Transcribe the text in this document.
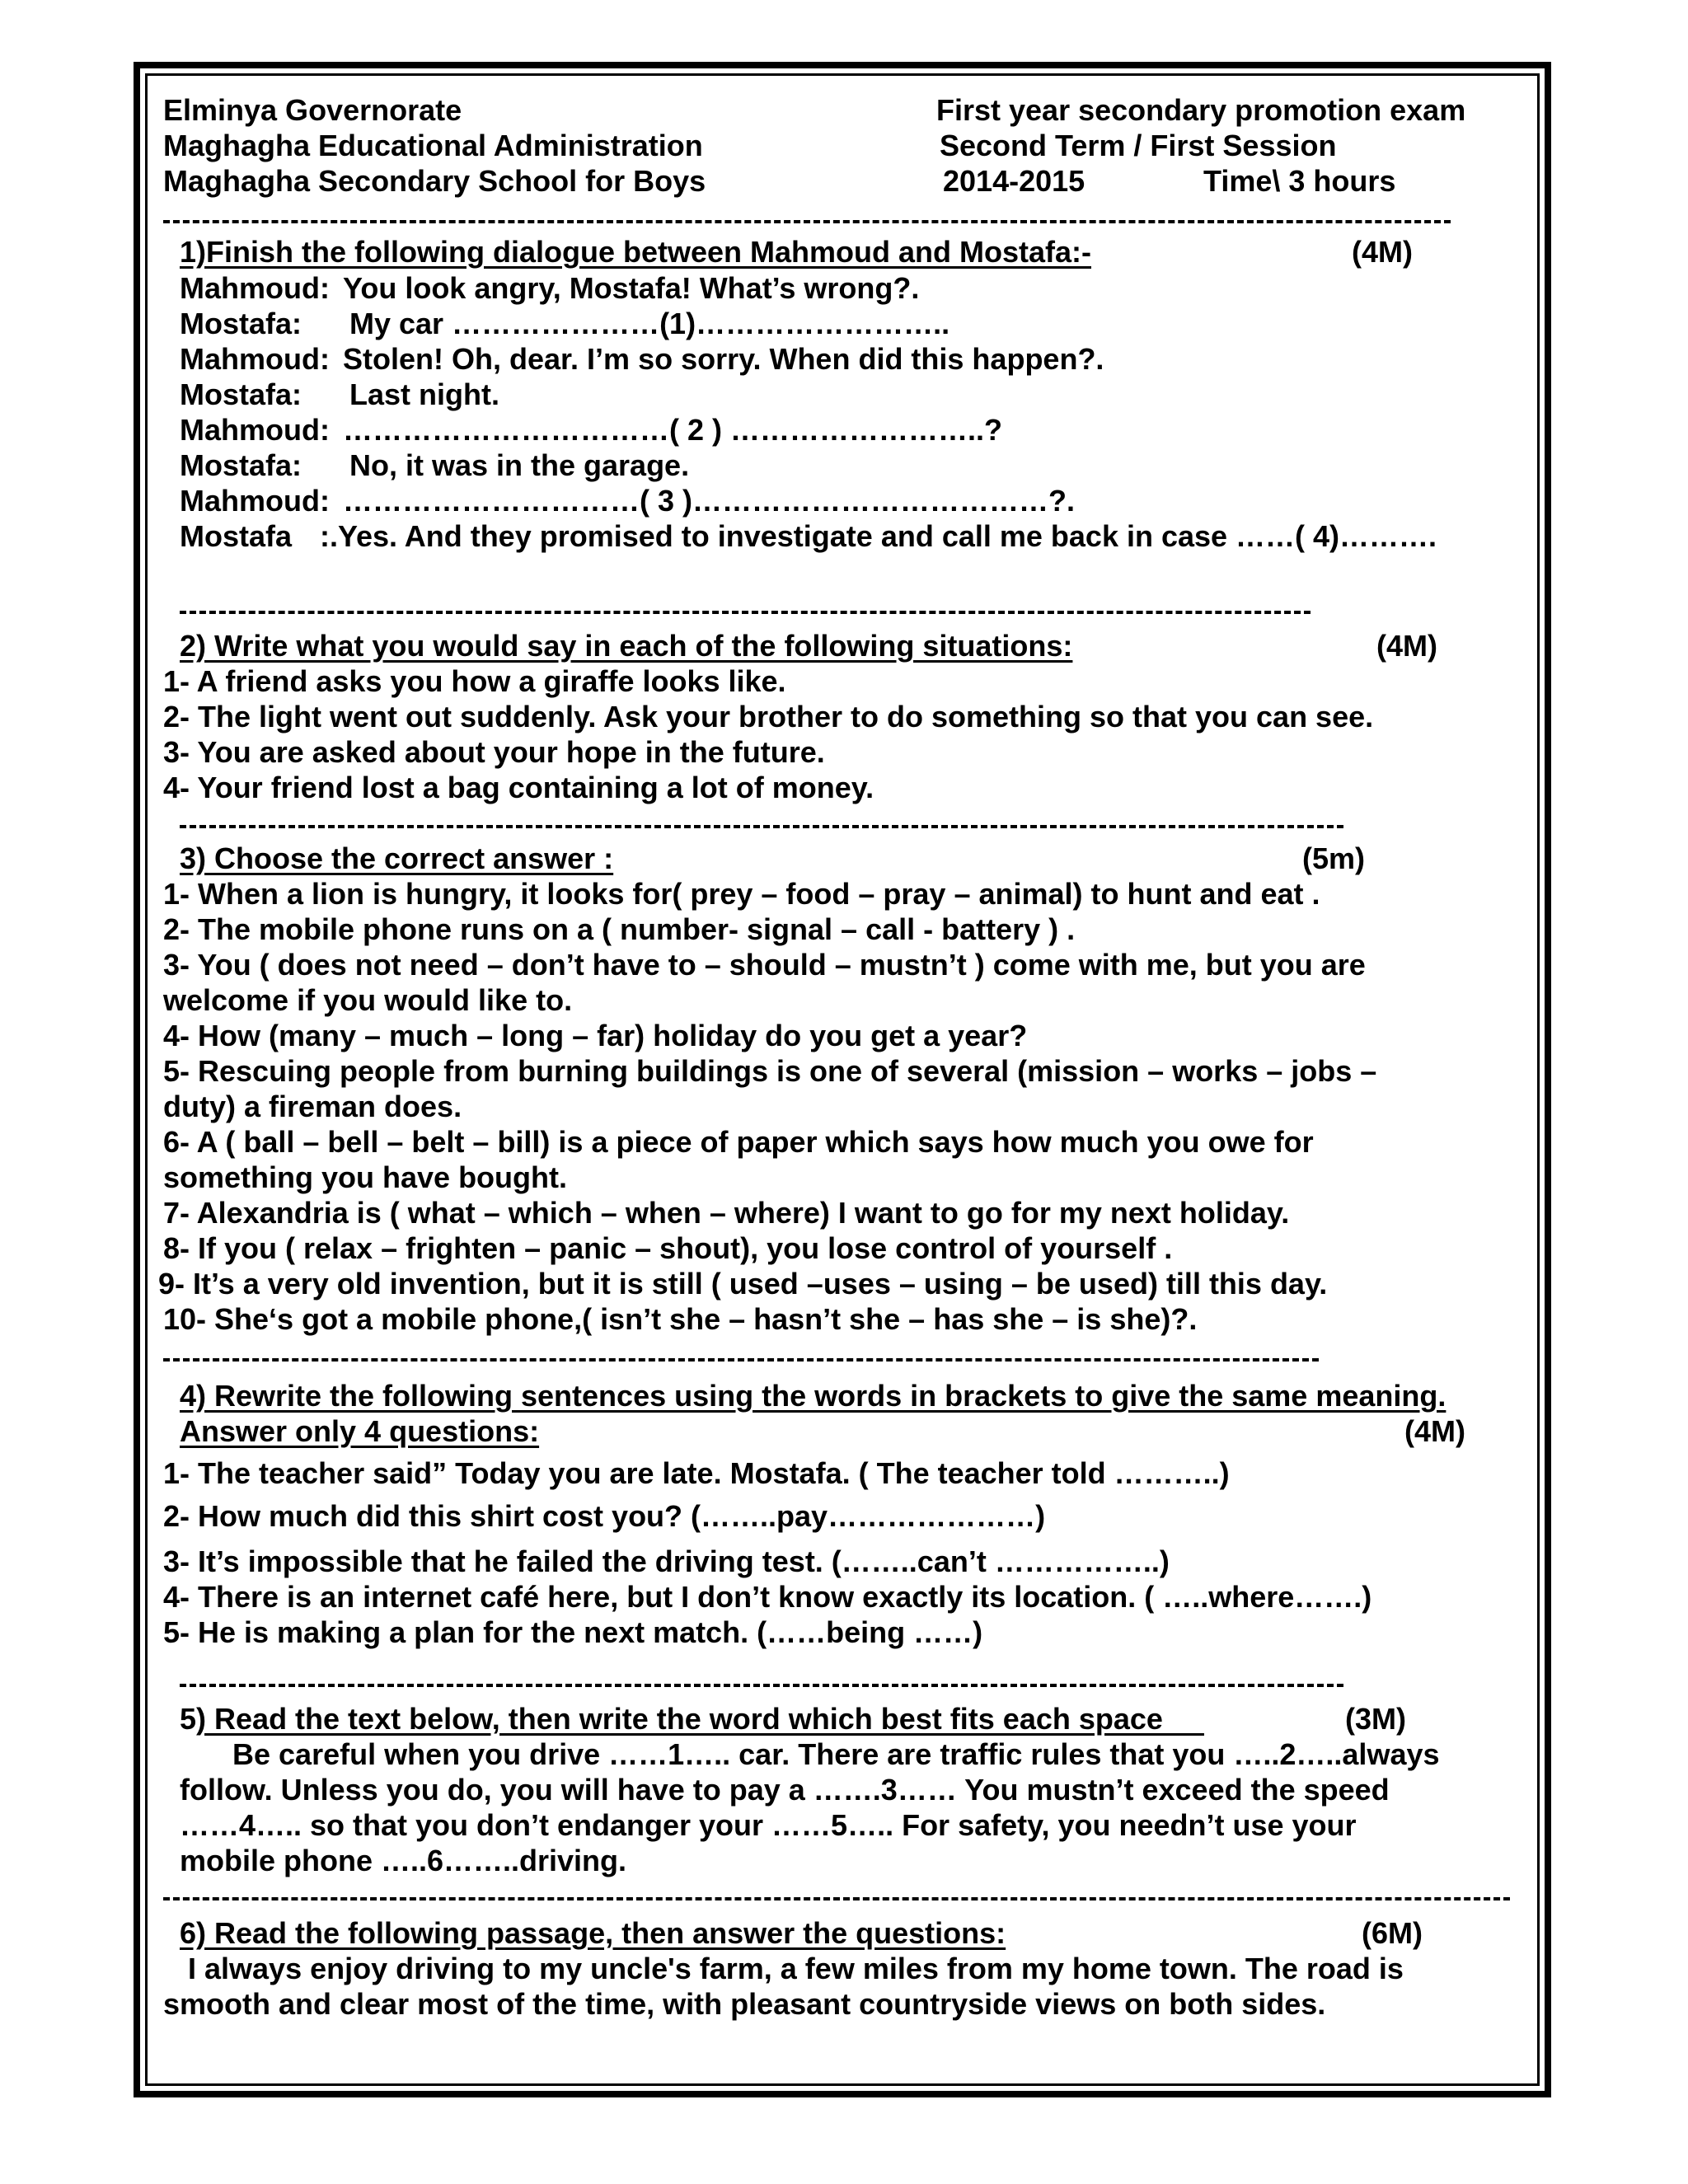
Elminya Governorate
Maghagha Educational Administration
Maghagha Secondary School for Boys
First year secondary promotion exam
Second Term / First Session
2014-2015	Time\ 3 hours
1)Finish the following dialogue between Mahmoud and Mostafa:-	(4M)
Mahmoud: You look angry, Mostafa! What’s wrong?.
Mostafa: My car …………………(1)……………………..
Mahmoud: Stolen! Oh, dear. I’m so sorry. When did this happen?.
Mostafa: Last night.
Mahmoud: ……………………………( 2 ) ……………………..?
Mostafa: No, it was in the garage.
Mahmoud: …………………………( 3 )………………………………?.
Mostafa :.Yes. And they promised to investigate and call me back in case ……( 4)……….
2) Write what you would say in each of the following situations:	(4M)
1- A friend asks you how a giraffe looks like.
2- The light went out suddenly. Ask your brother to do something so that you can see.
3- You are asked about your hope in the future.
4- Your friend lost a bag containing a lot of money.
3) Choose the correct answer :	(5m)
1- When a lion is hungry, it looks for( prey – food – pray – animal) to hunt and eat .
2- The mobile phone runs on a ( number- signal – call - battery ) .
3- You ( does not need – don’t have to – should – mustn’t ) come with me, but you are
welcome if you would like to.
4- How (many – much – long – far) holiday do you get a year?
5- Rescuing people from burning buildings is one of several (mission – works – jobs –
duty) a fireman does.
6- A ( ball – bell – belt – bill) is a piece of paper which says how much you owe for
something you have bought.
7- Alexandria is ( what – which – when – where) I want to go for my next holiday.
8- If you ( relax – frighten – panic – shout), you lose control of yourself .
9- It’s a very old invention, but it is still ( used –uses – using – be used) till this day.
10- She‘s got a mobile phone,( isn’t she – hasn’t she – has she – is she)?.
4) Rewrite the following sentences using the words in brackets to give the same meaning.
Answer only 4 questions:	(4M)
1- The teacher said” Today you are late. Mostafa. ( The teacher told ………..)
2- How much did this shirt cost you? (……..pay…………………)
3- It’s impossible that he failed the driving test. (……..can’t ……………..)
4- There is an internet café here, but I don’t know exactly its location. ( …..where…….)
5- He is making a plan for the next match. (……being ……)
5) Read the text below, then write the word which best fits each space	(3M)
Be careful when you drive ……1….. car. There are traffic rules that you …..2…..always
follow. Unless you do, you will have to pay a …….3…… You mustn’t exceed the speed
……4….. so that you don’t endanger your ……5….. For safety, you needn’t use your
mobile phone …..6……..driving.
6) Read the following passage, then answer the questions:	(6M)
I always enjoy driving to my uncle's farm, a few miles from my home town. The road is
smooth and clear most of the time, with pleasant countryside views on both sides.
